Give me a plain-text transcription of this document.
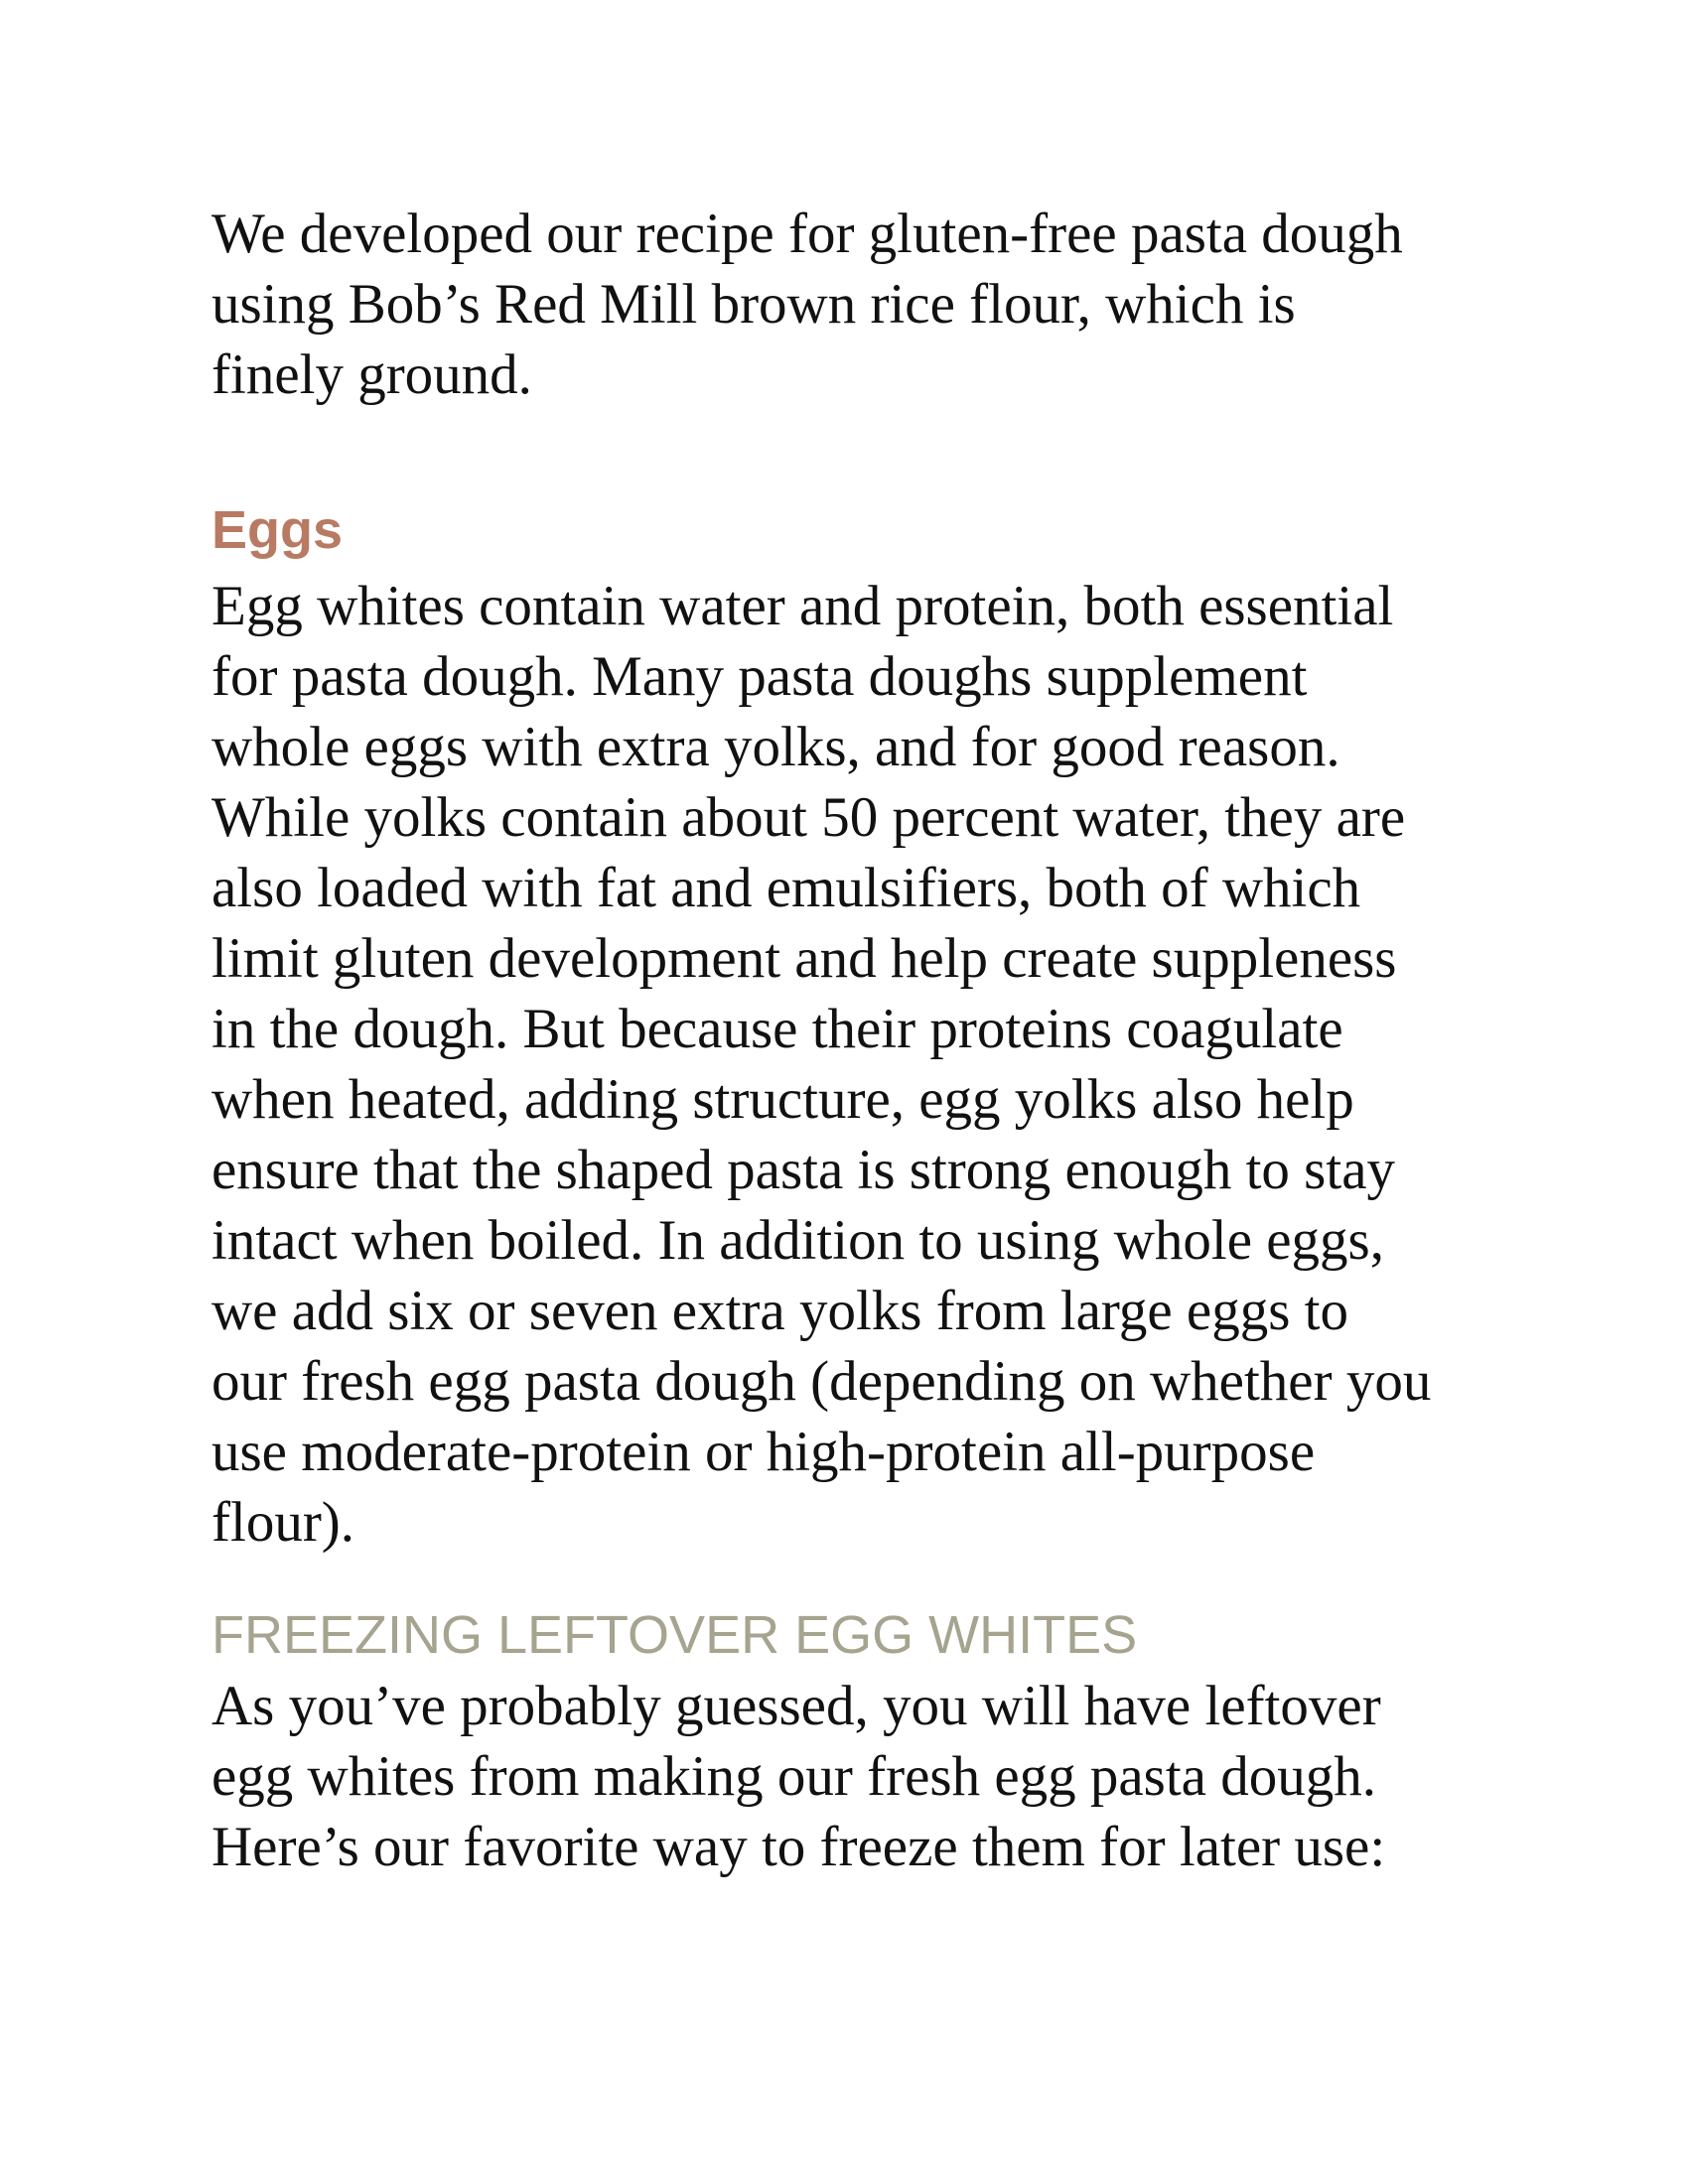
We developed our recipe for gluten-free pasta dough
using Bob’s Red Mill brown rice flour, which is
finely ground.

Eggs

Egg whites contain water and protein, both essential
for pasta dough. Many pasta doughs supplement
whole eggs with extra yolks, and for good reason.
While yolks contain about 50 percent water, they are
also loaded with fat and emulsifiers, both of which
limit gluten development and help create suppleness
in the dough. But because their proteins coagulate
when heated, adding structure, egg yolks also help
ensure that the shaped pasta is strong enough to stay
intact when boiled. In addition to using whole eggs,
we add six or seven extra yolks from large eggs to
our fresh egg pasta dough (depending on whether you
use moderate-protein or high-protein all-purpose
flour).

FREEZING LEFTOVER EGG WHITES

As you’ve probably guessed, you will have leftover
egg whites from making our fresh egg pasta dough.
Here’s our favorite way to freeze them for later use:
